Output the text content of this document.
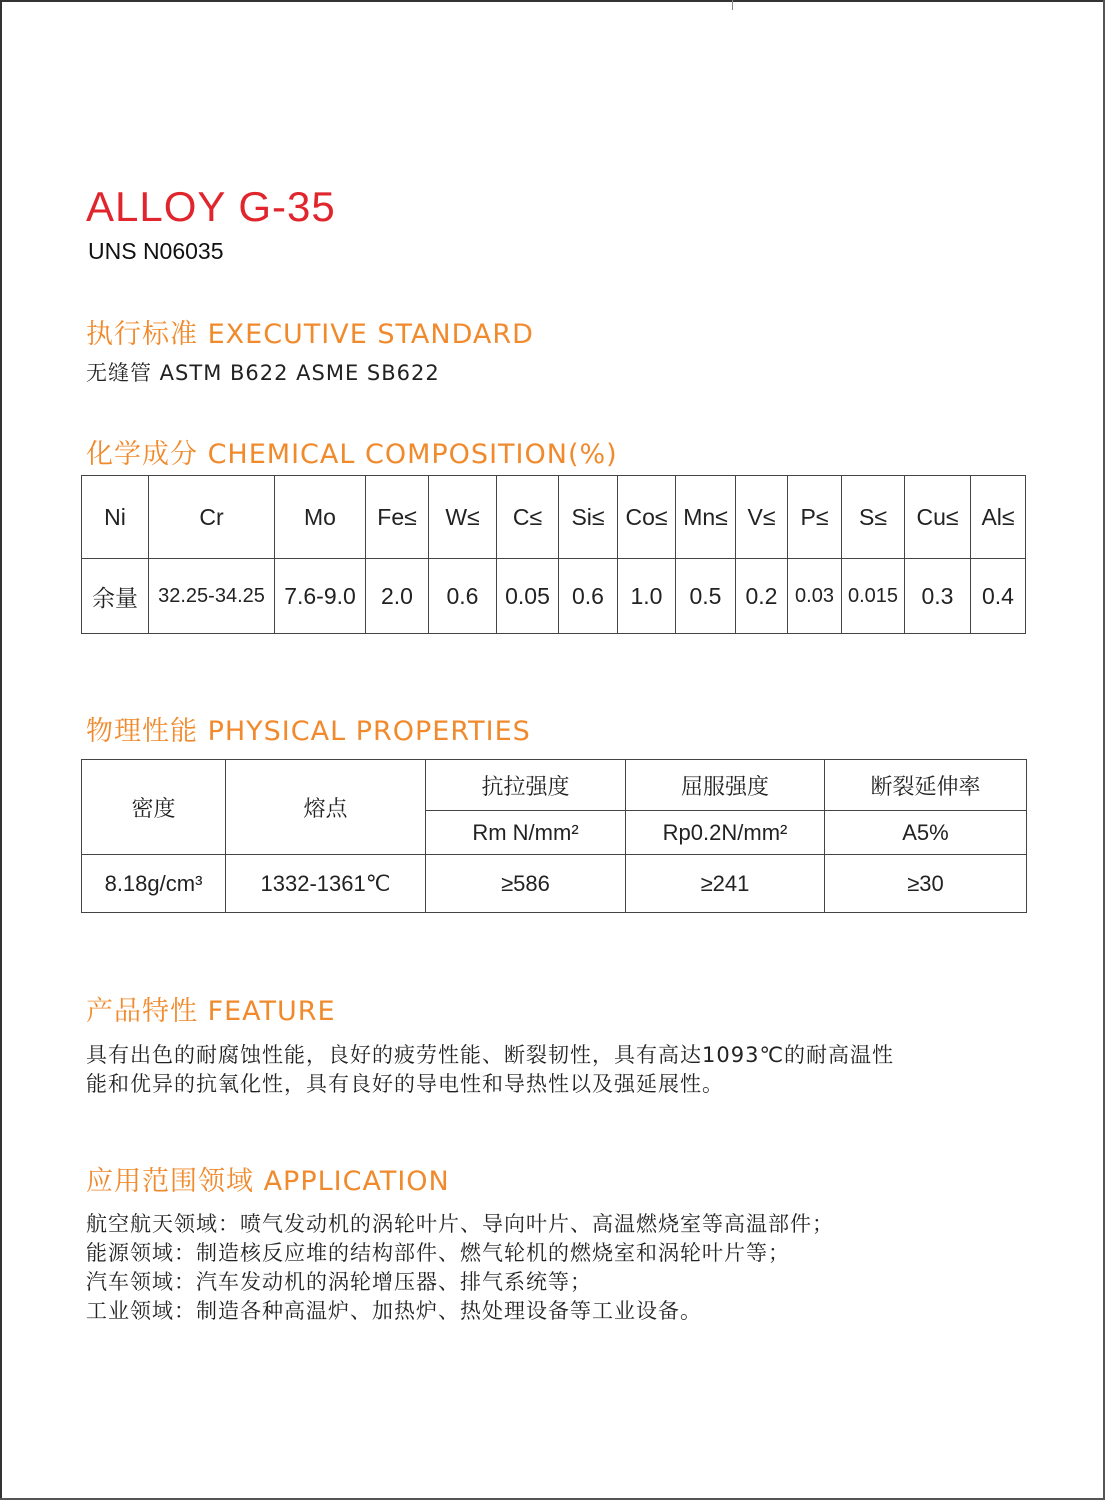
ALLOY G-35
UNS N06035
执行标准 EXECUTIVE STANDARD
无缝管 ASTM B622 ASME SB622
化学成分 CHEMICAL COMPOSITION(%)
Ni	Cr	Mo	Fe≤	W≤	C≤	Si≤	Co≤	Mn≤	V≤	P≤	S≤	Cu≤	Al≤
余量	32.25-34.25	7.6-9.0	2.0	0.6	0.05	0.6	1.0	0.5	0.2	0.03	0.015	0.3	0.4
物理性能 PHYSICAL PROPERTIES
密度	熔点	抗拉强度	屈服强度	断裂延伸率
		Rm N/mm²	Rp0.2N/mm²	A5%
8.18g/cm³	1332-1361℃	≥586	≥241	≥30
产品特性 FEATURE
具有出色的耐腐蚀性能，良好的疲劳性能、断裂韧性，具有高达1093℃的耐高温性
能和优异的抗氧化性，具有良好的导电性和导热性以及强延展性。
应用范围领域 APPLICATION
航空航天领域：喷气发动机的涡轮叶片、导向叶片、高温燃烧室等高温部件；
能源领域：制造核反应堆的结构部件、燃气轮机的燃烧室和涡轮叶片等；
汽车领域：汽车发动机的涡轮增压器、排气系统等；
工业领域：制造各种高温炉、加热炉、热处理设备等工业设备。
